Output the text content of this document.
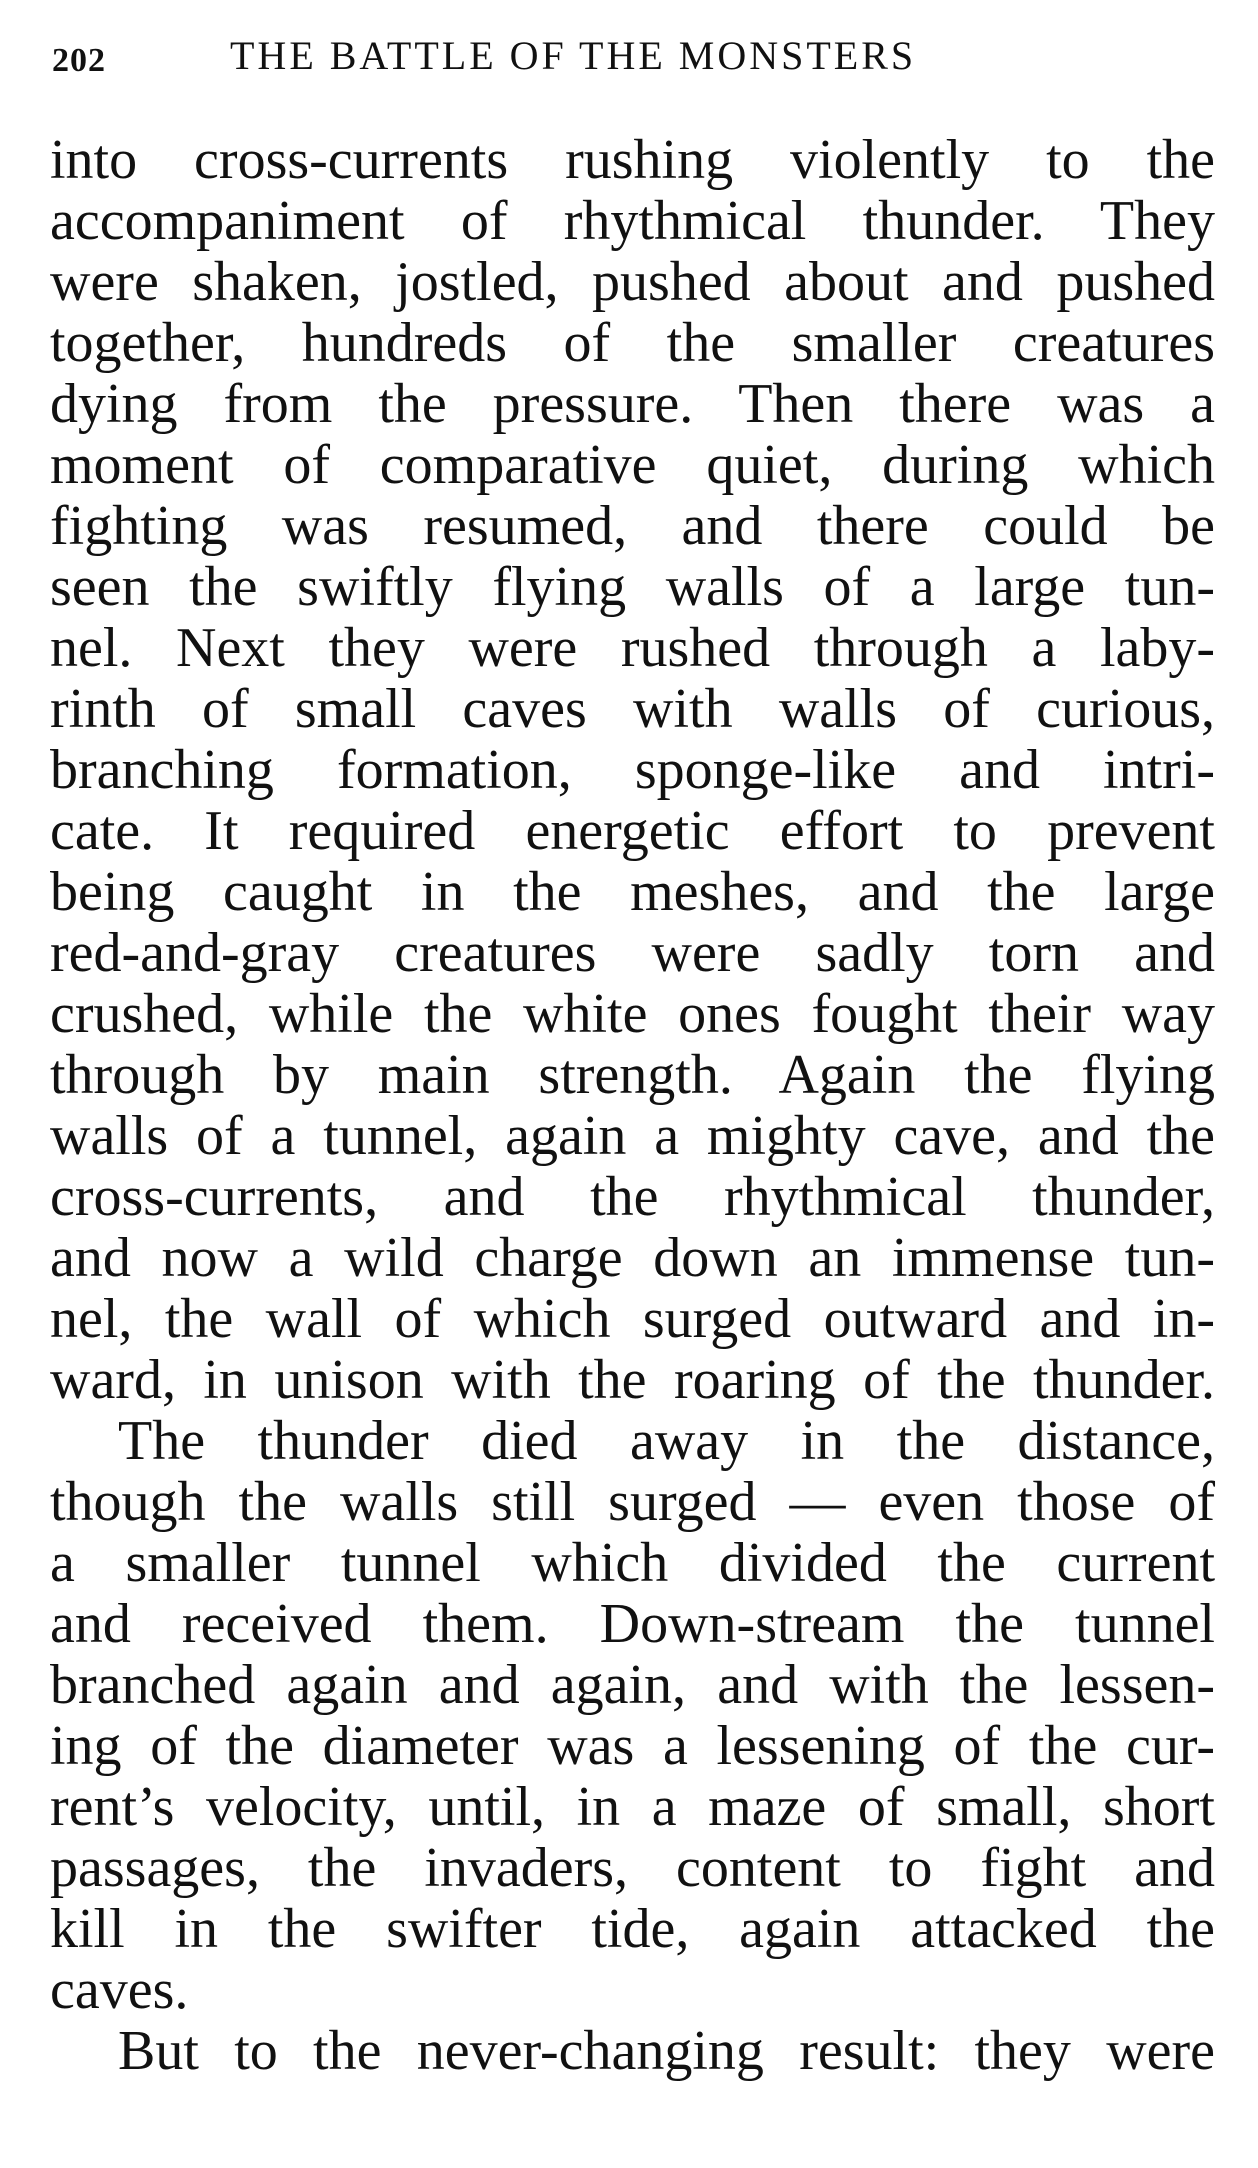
202	THE BATTLE OF THE MONSTERS
into cross-currents rushing violently to the
accompaniment of rhythmical thunder. They
were shaken, jostled, pushed about and pushed
together, hundreds of the smaller creatures
dying from the pressure. Then there was a
moment of comparative quiet, during which
fighting was resumed, and there could be
seen the swiftly flying walls of a large tun-
nel. Next they were rushed through a laby-
rinth of small caves with walls of curious,
branching formation, sponge-like and intri-
cate. It required energetic effort to prevent
being caught in the meshes, and the large
red-and-gray creatures were sadly torn and
crushed, while the white ones fought their way
through by main strength. Again the flying
walls of a tunnel, again a mighty cave, and the
cross-currents, and the rhythmical thunder,
and now a wild charge down an immense tun-
nel, the wall of which surged outward and in-
ward, in unison with the roaring of the thunder.
The thunder died away in the distance,
though the walls still surged — even those of
a smaller tunnel which divided the current
and received them. Down-stream the tunnel
branched again and again, and with the lessen-
ing of the diameter was a lessening of the cur-
rent’s velocity, until, in a maze of small, short
passages, the invaders, content to fight and
kill in the swifter tide, again attacked the
caves.
But to the never-changing result: they were
